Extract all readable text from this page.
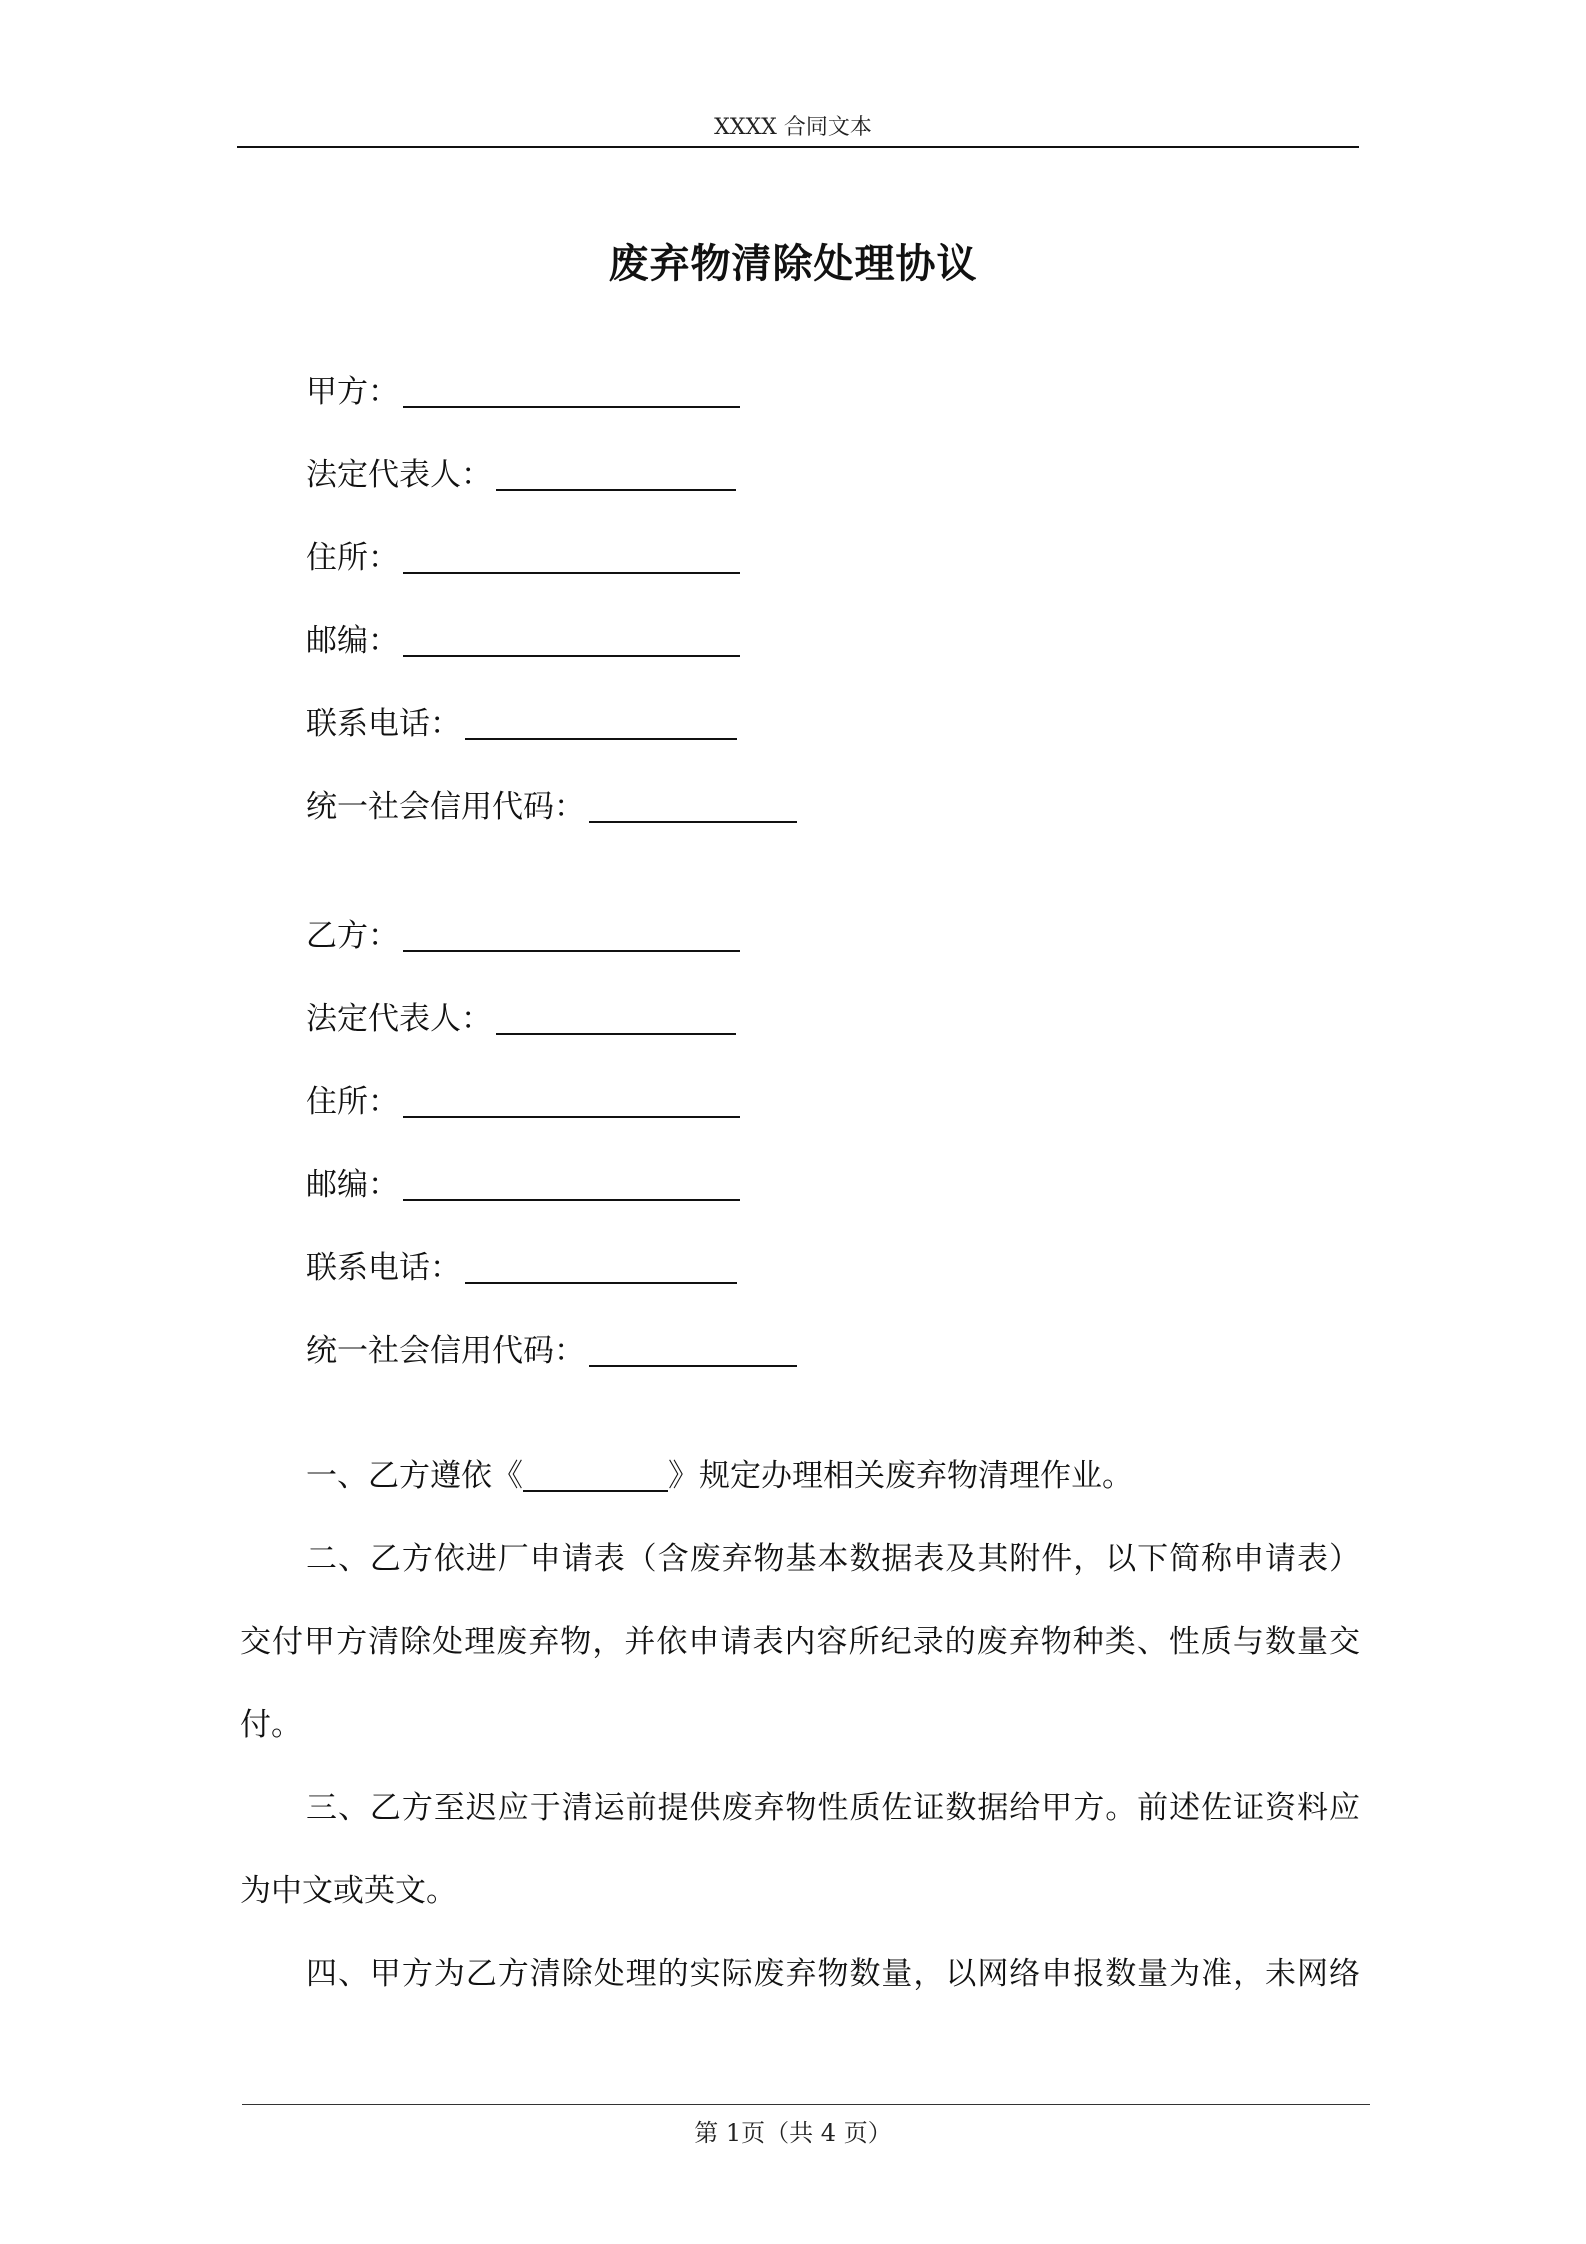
XXXX 合同文本
废弃物清除处理协议
甲方：
法定代表人：
住所：
邮编：
联系电话：
统一社会信用代码：
乙方：
法定代表人：
住所：
邮编：
联系电话：
统一社会信用代码：
一、乙方遵依《	》规定办理相关废弃物清理作业。
二、乙方依进厂申请表（含废弃物基本数据表及其附件，以下简称申请表）
交付甲方清除处理废弃物，并依申请表内容所纪录的废弃物种类、性质与数量交
付。
三、乙方至迟应于清运前提供废弃物性质佐证数据给甲方。前述佐证资料应
为中文或英文。
四、甲方为乙方清除处理的实际废弃物数量，以网络申报数量为准，未网络
第 1页（共 4 页）
